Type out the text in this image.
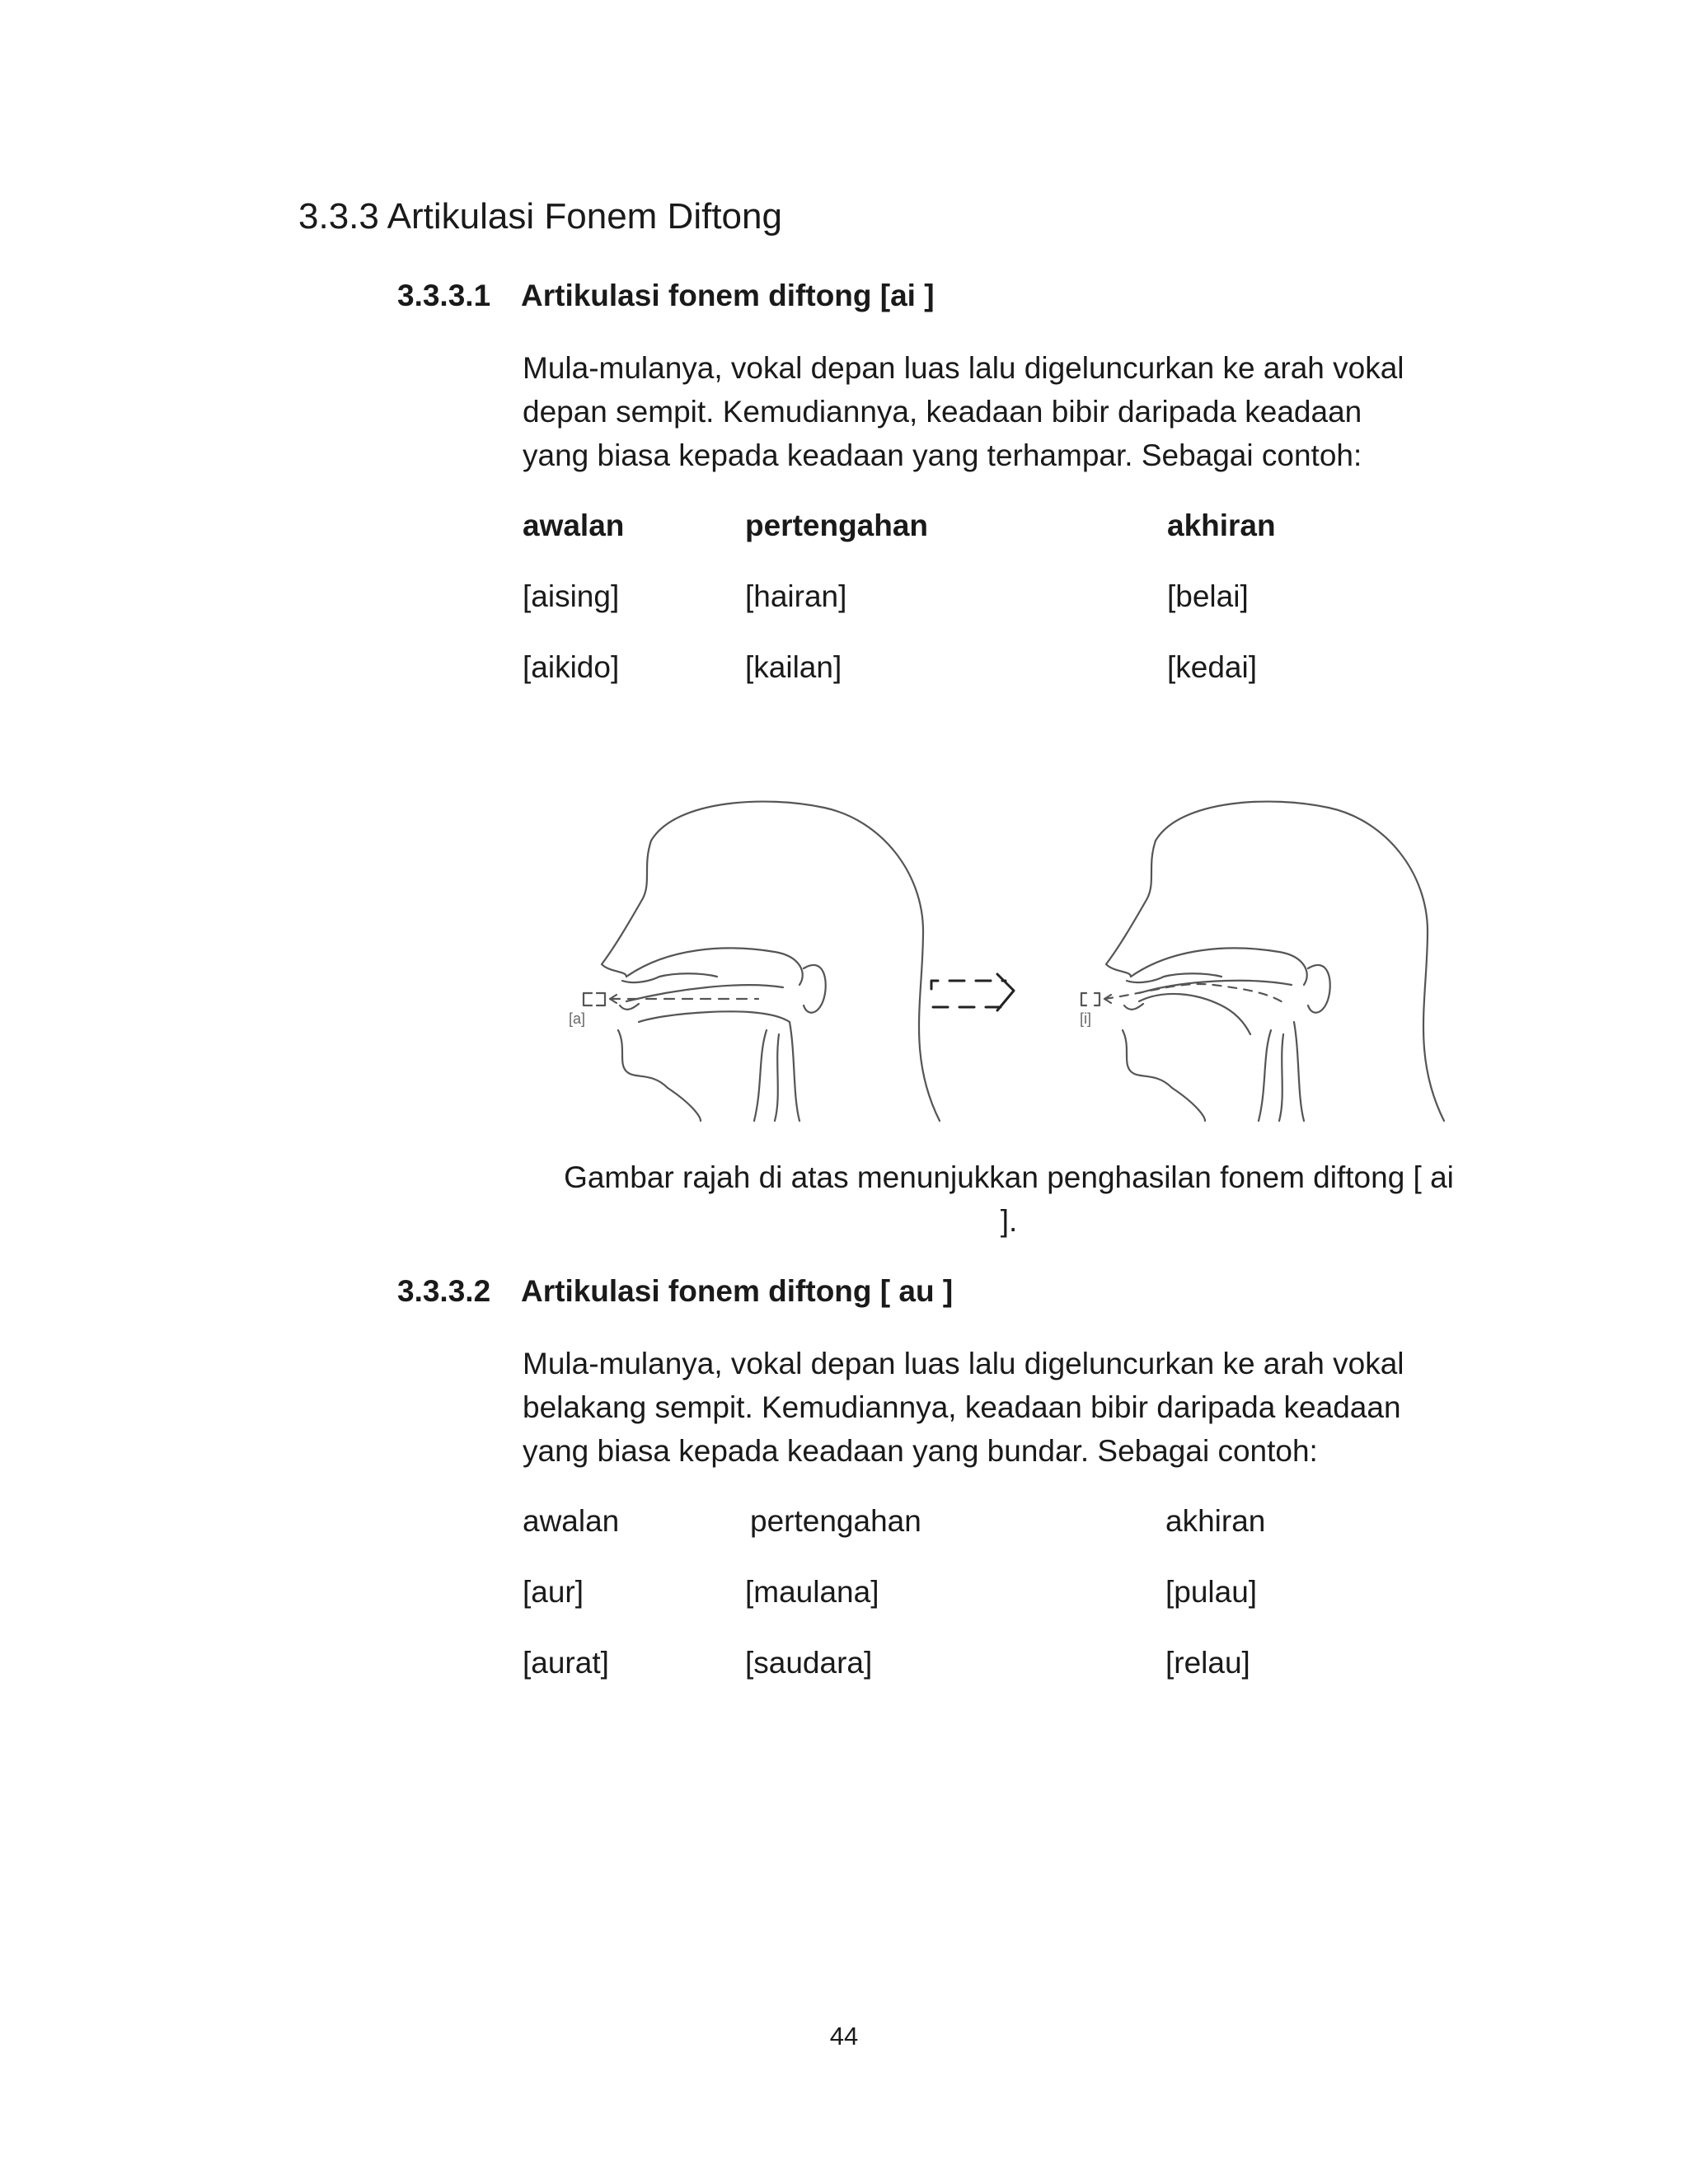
3.3.3 Artikulasi Fonem Diftong
3.3.3.1 Artikulasi fonem diftong [ai ]
Mula-mulanya, vokal depan luas lalu digeluncurkan ke arah vokal
depan sempit. Kemudiannya, keadaan bibir daripada keadaan
yang biasa kepada keadaan yang terhampar. Sebagai contoh:
awalan	pertengahan	akhiran
[aising]	[hairan]	[belai]
[aikido]	[kailan]	[kedai]
[a]	[i]
Gambar rajah di atas menunjukkan penghasilan fonem diftong [ ai
].
3.3.3.2 Artikulasi fonem diftong [ au ]
Mula-mulanya, vokal depan luas lalu digeluncurkan ke arah vokal
belakang sempit. Kemudiannya, keadaan bibir daripada keadaan
yang biasa kepada keadaan yang bundar. Sebagai contoh:
awalan	pertengahan	akhiran
[aur]	[maulana]	[pulau]
[aurat]	[saudara]	[relau]
44
